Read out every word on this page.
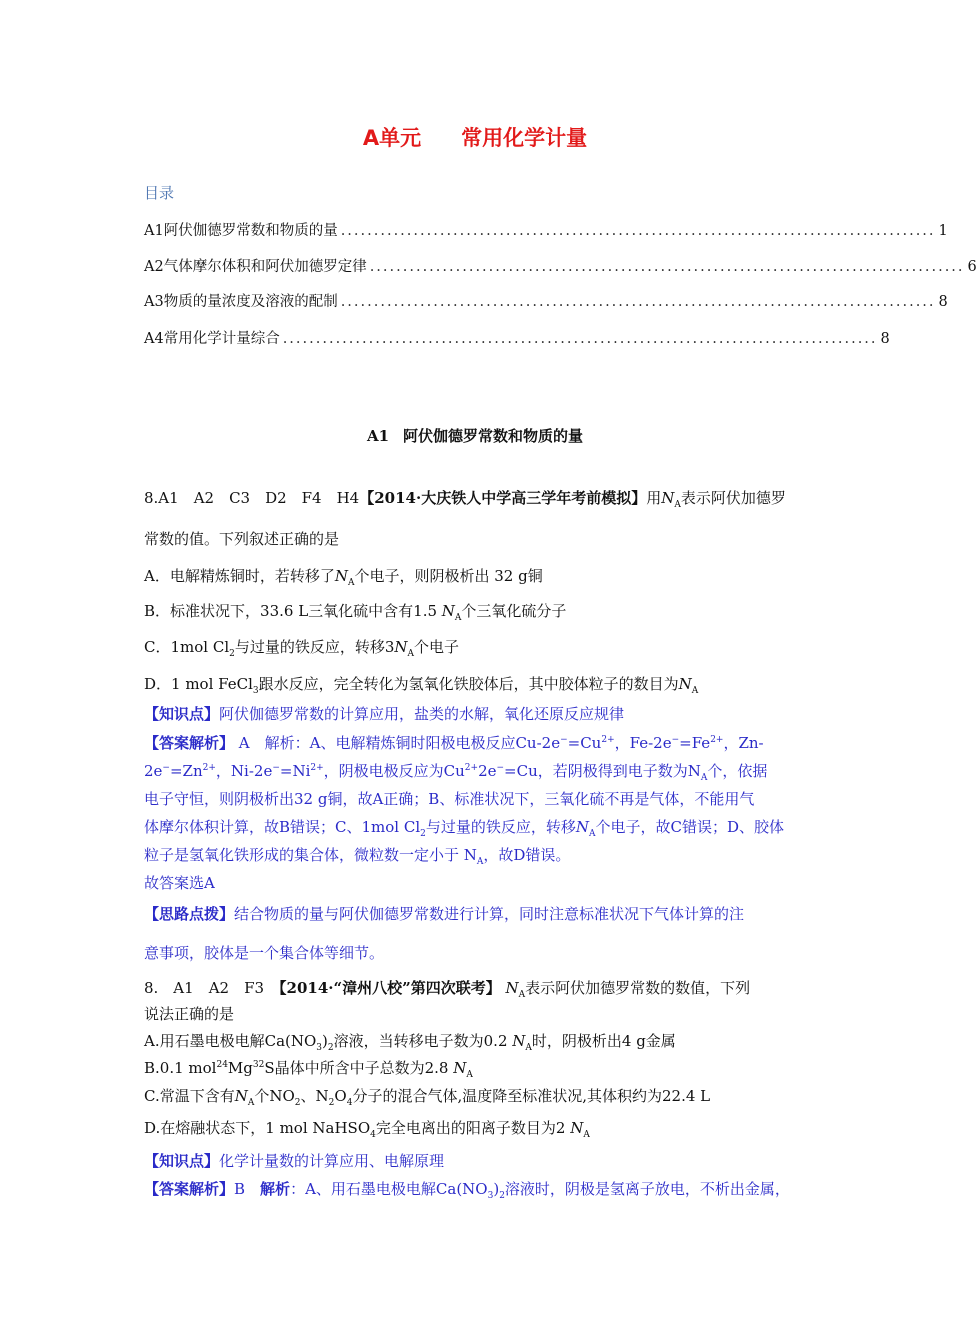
A单元 常用化学计量
目录
A1 阿伏伽德罗常数和物质的量 .......................................................................................... 1
A2 气体摩尔体积和阿伏加德罗定律 .......................................................................................... 6
A3 物质的量浓度及溶液的配制 .......................................................................................... 8
A4 常用化学计量综合 .......................................................................................... 8
A1 阿伏伽德罗常数和物质的量
8.A1　A2　C3　D2　F4　H4【2014·大庆铁人中学高三学年考前模拟】用$N_A$表示阿伏加德罗
常数的值。下列叙述正确的是
A．电解精炼铜时，若转移了$N_A$个电子，则阴极析出 32 g铜
B．标准状况下，33.6 L三氧化硫中含有1.5 $N_A$个三氧化硫分子
C．1mol $Cl_2$与过量的铁反应，转移$3N_A$个电子
D．1 mol FeCl$_3$跟水反应，完全转化为氢氧化铁胶体后，其中胶体粒子的数目为$N_A$
【知识点】阿伏伽德罗常数的计算应用，盐类的水解，氧化还原反应规律
【答案解析】 A　解析：A、电解精炼铜时阳极电极反应$Cu-2e^-=Cu^{2+}$，$Fe-2e^-=Fe^{2+}$，Zn-
$2e^-=Zn^{2+}$，$Ni-2e^-=Ni^{2+}$，阴极电极反应为$Cu^{2+}2e^-=Cu$，若阴极得到电子数为$N_A$个，依据
电子守恒，则阴极析出32 g铜，故A正确；B、标准状况下，三氧化硫不再是气体，不能用气
体摩尔体积计算，故B错误；C、1mol $Cl_2$与过量的铁反应，转移$N_A$个电子，故C错误；D、胶体
粒子是氢氧化铁形成的集合体，微粒数一定小于 $N_A$，故D错误。
故答案选A
【思路点拨】结合物质的量与阿伏伽德罗常数进行计算，同时注意标准状况下气体计算的注
意事项，胶体是一个集合体等细节。
8.　A1　A2　F3　【2014·“漳州八校”第四次联考】 $N_A$表示阿伏加德罗常数的数值，下列
说法正确的是
A.用石墨电极电解$Ca(NO_3)_2$溶液，当转移电子数为0.2 $N_A$时，阴极析出4 g金属
B.0.1 mol$^{24}$Mg$^{32}$S晶体中所含中子总数为2.8 $N_A$
C.常温下含有$N_A$个$NO_2$、$N_2O_4$分子的混合气体,温度降至标准状况,其体积约为22.4 L
D.在熔融状态下，1 mol NaHSO$_4$完全电离出的阳离子数目为2 $N_A$
【知识点】化学计量数的计算应用、电解原理
【答案解析】B　解析：A、用石墨电极电解$Ca(NO_3)_2$溶液时，阴极是氢离子放电，不析出金属，
